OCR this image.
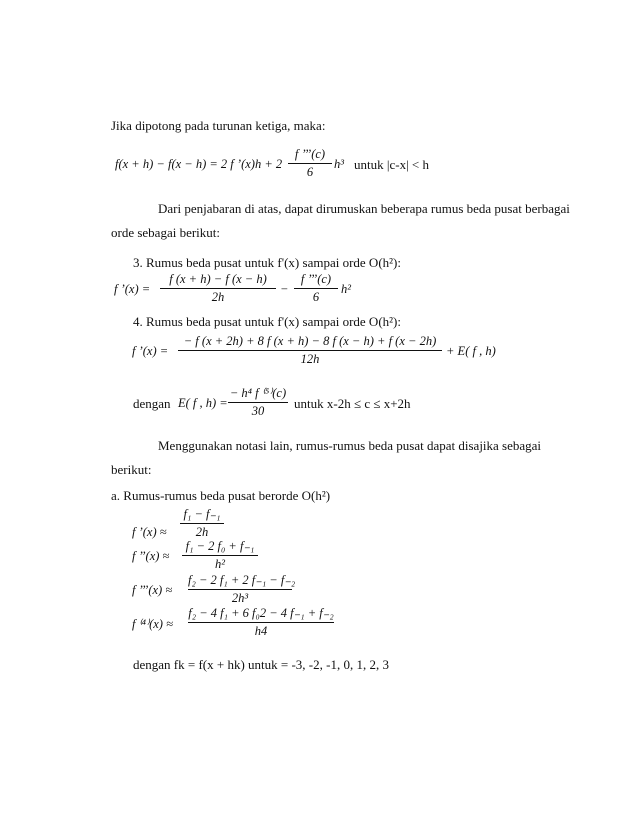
Jika dipotong pada turunan ketiga, maka:
f(x + h) − f(x − h) = 2 f ’(x)h + 2
f ’’’(c)
6
h³ untuk |c-x| < h
Dari penjabaran di atas, dapat dirumuskan beberapa rumus beda pusat berbagai
orde sebagai berikut:
3. Rumus beda pusat untuk f'(x) sampai orde O(h²):
f ’(x) =
f (x + h) − f (x − h)
2h
−
f ’’’(c)
6
h²
4. Rumus beda pusat untuk f'(x) sampai orde O(h²):
f ’(x) =
− f (x + 2h) + 8 f (x + h) − 8 f (x − h) + f (x − 2h)
12h
+ E( f , h)
dengan E( f , h) =
− h⁴ f ⁽⁵⁾(c)
30	untuk x-2h ≤ c ≤ x+2h
Menggunakan notasi lain, rumus-rumus beda pusat dapat disajika sebagai
berikut:
a. Rumus-rumus beda pusat berorde O(h²)
f ’(x) ≈
f₁ − f₋₁
2h
f ’’(x) ≈
f₁ − 2 f₀ + f₋₁
h²
f ’’’(x) ≈
f₂ − 2 f₁ + 2 f₋₁ − f₋₂
2h³
f ⁽⁴⁾(x) ≈
f₂ − 4 f₁ + 6 f₀2 − 4 f₋₁ + f₋₂
h4
dengan fk = f(x + hk) untuk = -3, -2, -1, 0, 1, 2, 3
